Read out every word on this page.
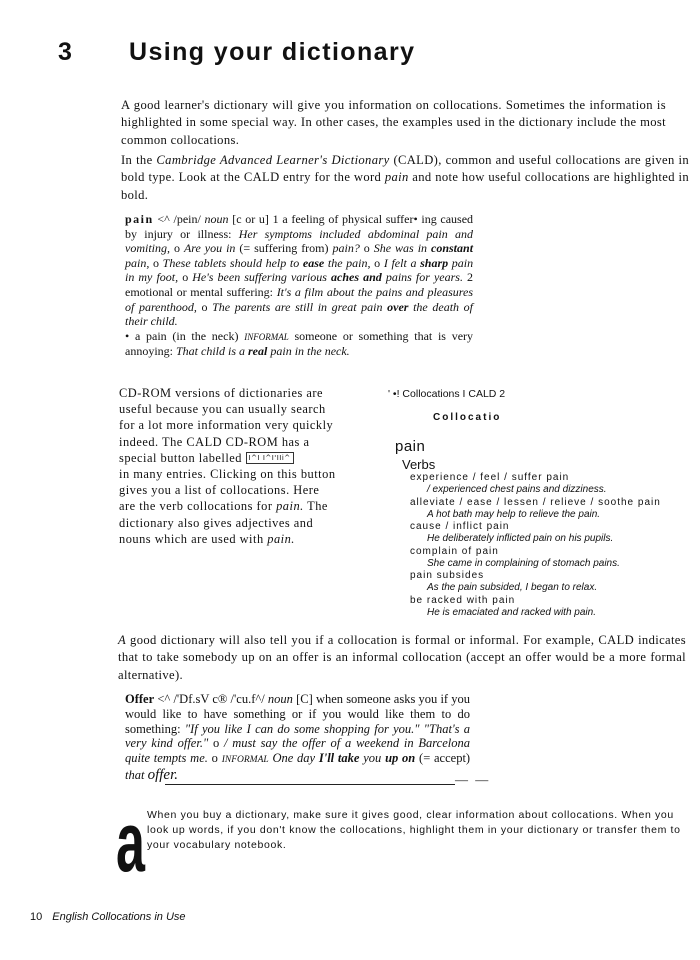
3 Using your dictionary

A good learner's dictionary will give you information on collocations. Sometimes the information is highlighted in some special way. In other cases, the examples used in the dictionary include the most common collocations.

In the Cambridge Advanced Learner's Dictionary (CALD), common and useful collocations are given in bold type. Look at the CALD entry for the word pain and note how useful collocations are highlighted in bold.

pain <^ /pein/ noun [c or u] 1 a feeling of physical suffer• ing caused by injury or illness: Her symptoms included abdominal pain and vomiting, o Are you in (= suffering from) pain? o She was in constant pain, o These tablets should help to ease the pain, o I felt a sharp pain in my foot, o He's been suffering various aches and pains for years. 2 emotional or mental suffering: It's a film about the pains and pleasures of parenthood, o The parents are still in great pain over the death of their child.
• a pain (in the neck) INFORMAL someone or something that is very annoying: That child is a real pain in the neck.
CD-ROM versions of dictionaries are
useful because you can usually search
for a lot more information very quickly
indeed. The CALD CD-ROM has a
special button labelled I^I I^I'IIi^
in many entries. Clicking on this button
gives you a list of collocations. Here
are the verb collocations for pain. The
dictionary also gives adjectives and
nouns which are used with pain.
' •! Collocations I CALD 2
Collocatio
pain
Verbs
experience / feel / suffer pain
/ experienced chest pains and dizziness.
alleviate / ease / lessen / relieve / soothe pain
A hot bath may help to relieve the pain.
cause / inflict pain
He deliberately inflicted pain on his pupils.
complain of pain
She came in complaining of stomach pains.
pain subsides
As the pain subsided, I began to relax.
be racked with pain
He is emaciated and racked with pain.

A good dictionary will also tell you if a collocation is formal or informal. For example, CALD indicates that to take somebody up on an offer is an informal collocation (accept an offer would be a more formal alternative).

Offer <^ /'Df.sV c® /'cu.f^/ noun [C] when someone asks you if you would like to have something or if you would like them to do something: "If you like I can do some shopping for you." "That's a very kind offer." o / must say the offer of a weekend in Barcelona quite tempts me. o INFORMAL One day I'll take you up on (= accept) that offer.	— —
a When you buy a dictionary, make sure it gives good, clear information about collocations. When you look up words, if you don't know the collocations, highlight them in your dictionary or transfer them to your vocabulary notebook.
10 English Collocations in Use
